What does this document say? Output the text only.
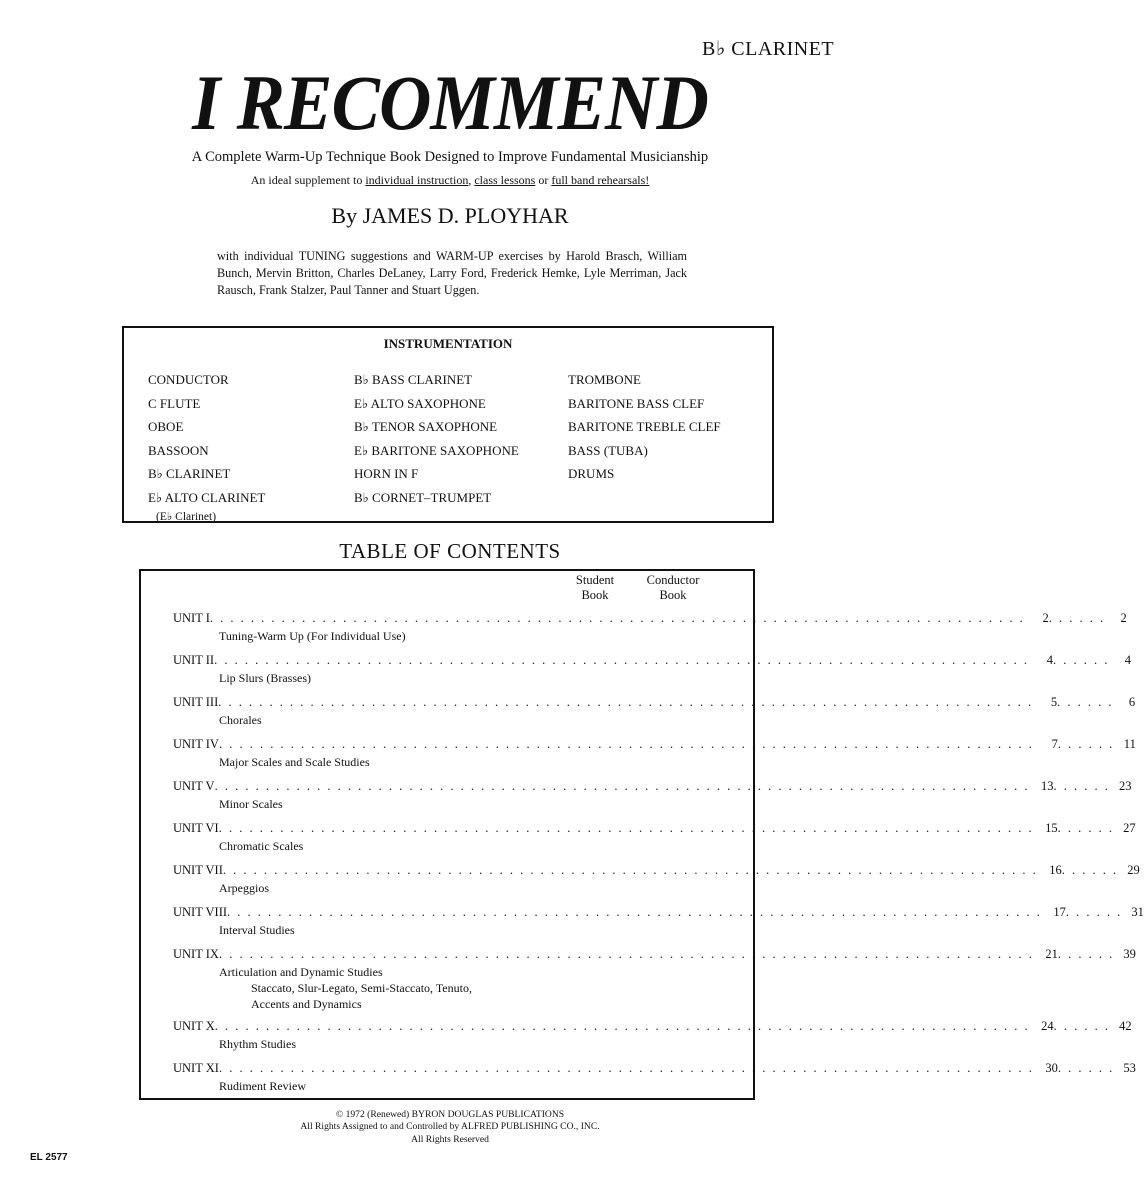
B♭ CLARINET
I RECOMMEND
A Complete Warm-Up Technique Book Designed to Improve Fundamental Musicianship
An ideal supplement to individual instruction, class lessons or full band rehearsals!
By JAMES D. PLOYHAR
with individual TUNING suggestions and WARM-UP exercises by Harold Brasch, William Bunch, Mervin Britton, Charles DeLaney, Larry Ford, Frederick Hemke, Lyle Merriman, Jack Rausch, Frank Stalzer, Paul Tanner and Stuart Uggen.
INSTRUMENTATION
CONDUCTOR
C FLUTE
OBOE
BASSOON
B♭ CLARINET
E♭ ALTO CLARINET
(E♭ Clarinet)
B♭ BASS CLARINET
E♭ ALTO SAXOPHONE
B♭ TENOR SAXOPHONE
E♭ BARITONE SAXOPHONE
HORN IN F
B♭ CORNET–TRUMPET
TROMBONE
BARITONE BASS CLEF
BARITONE TREBLE CLEF
BASS (TUBA)
DRUMS
TABLE OF CONTENTS
Student
Book
Conductor
Book
UNIT I . . . . . . . . . . . . . . . . . . . . . . . . . . . . . . . . . . . . . . . . . . . . . . . . . . . . . . . . . . . . . . . . . . . . . . . . . . . . . . . .	2 . . . . . .	2
Tuning-Warm Up (For Individual Use)
UNIT II . . . . . . . . . . . . . . . . . . . . . . . . . . . . . . . . . . . . . . . . . . . . . . . . . . . . . . . . . . . . . . . . . . . . . . . . . . . . . . . .	4 . . . . . .	4
Lip Slurs (Brasses)
UNIT III . . . . . . . . . . . . . . . . . . . . . . . . . . . . . . . . . . . . . . . . . . . . . . . . . . . . . . . . . . . . . . . . . . . . . . . . . . . . . . . .	5 . . . . . .	6
Chorales
UNIT IV . . . . . . . . . . . . . . . . . . . . . . . . . . . . . . . . . . . . . . . . . . . . . . . . . . . . . . . . . . . . . . . . . . . . . . . . . . . . . . . .	7 . . . . . . 11
Major Scales and Scale Studies
UNIT V . . . . . . . . . . . . . . . . . . . . . . . . . . . . . . . . . . . . . . . . . . . . . . . . . . . . . . . . . . . . . . . . . . . . . . . . . . . . . . . . 13 . . . . . . 23
Minor Scales
UNIT VI . . . . . . . . . . . . . . . . . . . . . . . . . . . . . . . . . . . . . . . . . . . . . . . . . . . . . . . . . . . . . . . . . . . . . . . . . . . . . . . . 15 . . . . . . 27
Chromatic Scales
UNIT VII . . . . . . . . . . . . . . . . . . . . . . . . . . . . . . . . . . . . . . . . . . . . . . . . . . . . . . . . . . . . . . . . . . . . . . . . . . . . . . . . 16 . . . . . . 29
Arpeggios
UNIT VIII . . . . . . . . . . . . . . . . . . . . . . . . . . . . . . . . . . . . . . . . . . . . . . . . . . . . . . . . . . . . . . . . . . . . . . . . . . . . . . . . 17 . . . . . . 31
Interval Studies
UNIT IX . . . . . . . . . . . . . . . . . . . . . . . . . . . . . . . . . . . . . . . . . . . . . . . . . . . . . . . . . . . . . . . . . . . . . . . . . . . . . . . . 21 . . . . . . 39
Articulation and Dynamic Studies
Staccato, Slur-Legato, Semi-Staccato, Tenuto,
Accents and Dynamics
UNIT X . . . . . . . . . . . . . . . . . . . . . . . . . . . . . . . . . . . . . . . . . . . . . . . . . . . . . . . . . . . . . . . . . . . . . . . . . . . . . . . . 24 . . . . . . 42
Rhythm Studies
UNIT XI . . . . . . . . . . . . . . . . . . . . . . . . . . . . . . . . . . . . . . . . . . . . . . . . . . . . . . . . . . . . . . . . . . . . . . . . . . . . . . . . 30 . . . . . . 53
Rudiment Review
© 1972 (Renewed) BYRON DOUGLAS PUBLICATIONS
All Rights Assigned to and Controlled by ALFRED PUBLISHING CO., INC.
All Rights Reserved
EL 2577
